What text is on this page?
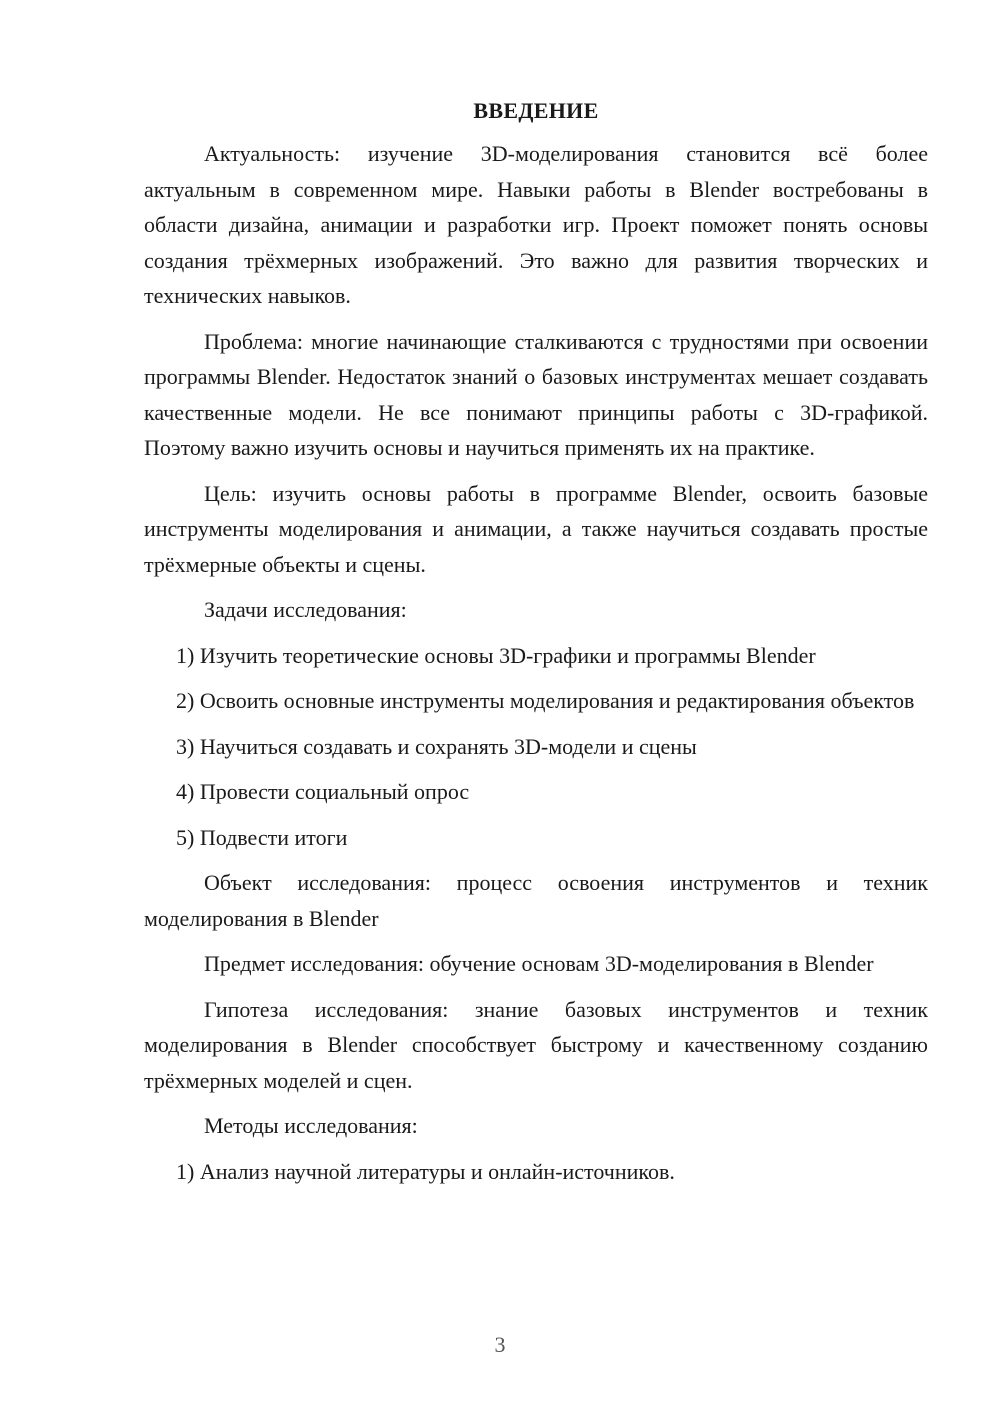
ВВЕДЕНИЕ

Актуальность: изучение 3D-моделирования становится всё более актуальным в современном мире. Навыки работы в Blender востребованы в области дизайна, анимации и разработки игр. Проект поможет понять основы создания трёхмерных изображений. Это важно для развития творческих и технических навыков.

Проблема: многие начинающие сталкиваются с трудностями при освоении программы Blender. Недостаток знаний о базовых инструментах мешает создавать качественные модели. Не все понимают принципы работы с 3D-графикой. Поэтому важно изучить основы и научиться применять их на практике.

Цель: изучить основы работы в программе Blender, освоить базовые инструменты моделирования и анимации, а также научиться создавать простые трёхмерные объекты и сцены.

Задачи исследования:

1) Изучить теоретические основы 3D-графики и программы Blender

2) Освоить основные инструменты моделирования и редактирования объектов

3) Научиться создавать и сохранять 3D-модели и сцены

4) Провести социальный опрос

5) Подвести итоги

Объект исследования: процесс освоения инструментов и техник моделирования в Blender

Предмет исследования: обучение основам 3D-моделирования в Blender

Гипотеза исследования: знание базовых инструментов и техник моделирования в Blender способствует быстрому и качественному созданию трёхмерных моделей и сцен.

Методы исследования:

1) Анализ научной литературы и онлайн-источников.

3
